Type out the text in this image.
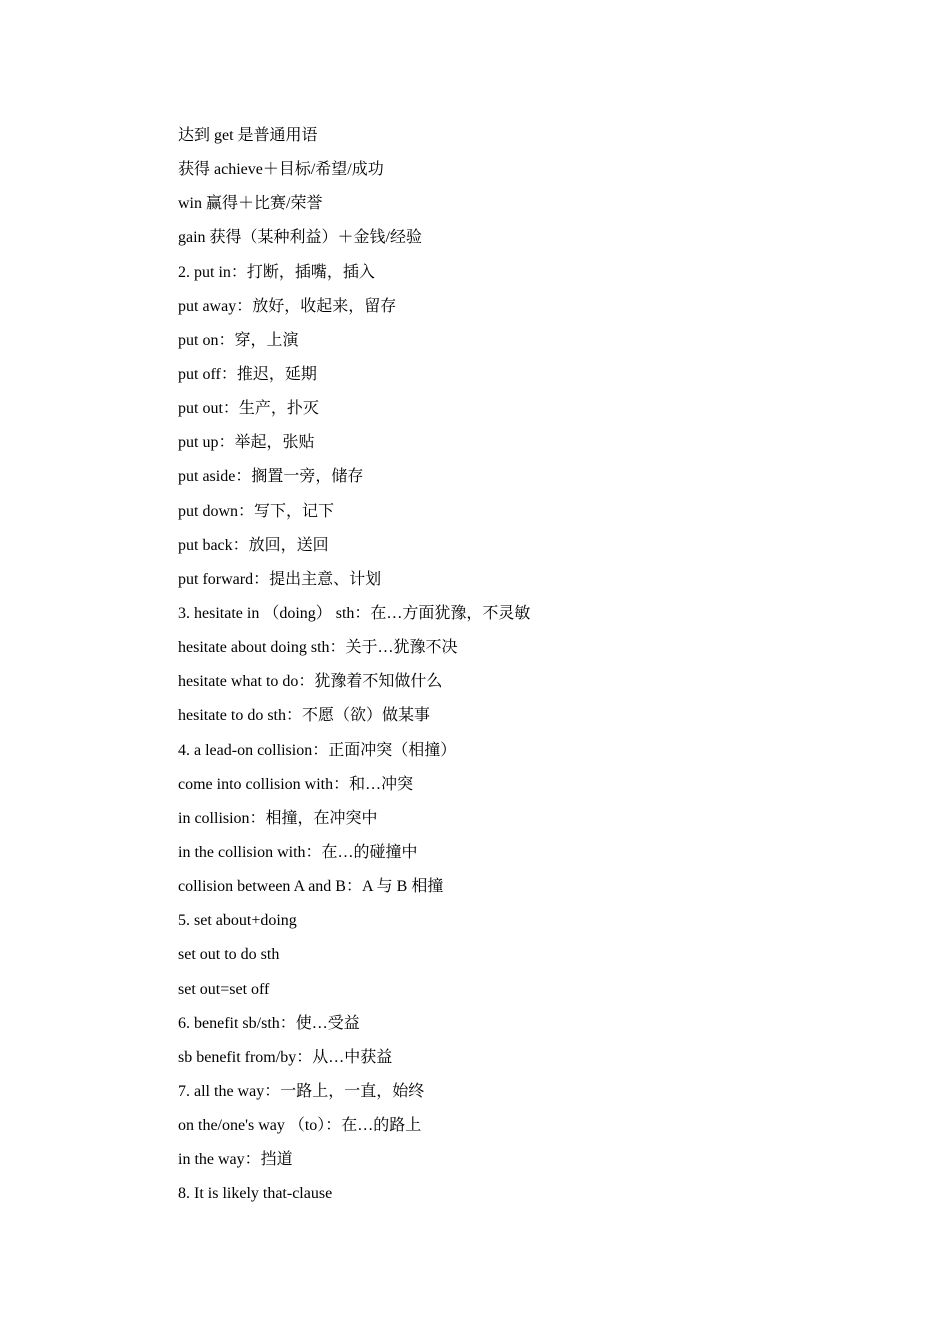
达到 get 是普通用语
获得 achieve＋目标/希望/成功
win 赢得＋比赛/荣誉
gain 获得（某种利益）＋金钱/经验
2. put in：打断，插嘴，插入
put away：放好，收起来，留存
put on：穿，上演
put off：推迟，延期
put out：生产，扑灭
put up：举起，张贴
put aside：搁置一旁，储存
put down：写下，记下
put back：放回，送回
put forward：提出主意、计划
3. hesitate in （doing） sth：在…方面犹豫，不灵敏
hesitate about doing sth：关于…犹豫不决
hesitate what to do：犹豫着不知做什么
hesitate to do sth：不愿（欲）做某事
4. a lead-on collision：正面冲突（相撞）
come into collision with：和…冲突
in collision：相撞，在冲突中
in the collision with：在…的碰撞中
collision between A and B：A 与 B 相撞
5. set about+doing
set out to do sth
set out=set off
6. benefit sb/sth：使…受益
sb benefit from/by：从…中获益
7. all the way：一路上，一直，始终
on the/one's way （to）：在…的路上
in the way：挡道
8. It is likely that-clause
